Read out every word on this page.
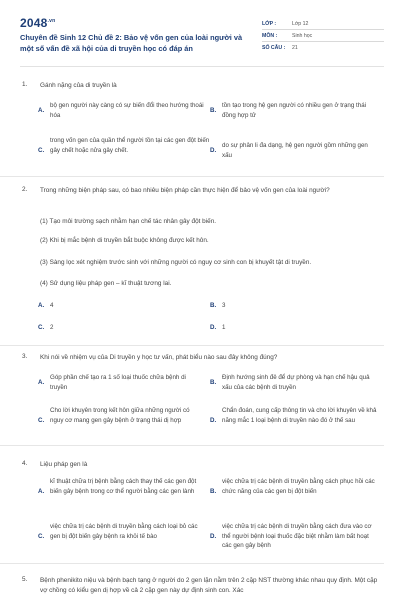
$2048^{.vn}$
Chuyên đề Sinh 12 Chủ đề 2: Bảo vệ vốn gen của loài người và một số vấn đề xã hội của di truyền học có đáp án
LỚP :	Lớp 12
MÔN :	Sinh học
SỐ CÂU :	21
1. Gánh nặng của di truyền là
A.
bộ gen người này càng có sự biến đổi theo hướng thoái hóa
B.
tồn tạo trong hệ gen người có nhiều gen ở trạng thái đồng hợp tử
C.
trong vốn gen của quần thể người tồn tại các gen đột biến gây chết hoặc nửa gây chết.	D.
do sự phân li đa dạng, hệ gen người gồm những gen xấu
2. Trong những biện pháp sau, có bao nhiêu biện pháp cần thực hiện để bảo vệ vốn gen của loài người?
(1) Tạo môi trường sạch nhằm hạn chế tác nhân gây đột biến.
(2) Khi bị mắc bệnh di truyền bắt buộc không được kết hôn.
(3) Sàng lọc xét nghiệm trước sinh với những người có nguy cơ sinh con bị khuyết tật di truyền.
(4) Sử dụng liệu pháp gen – kĩ thuật tương lai.
A. 4	B. 3
C. 2	D. 1
3. Khi nói về nhiệm vụ của Di truyền y học tư vấn, phát biểu nào sau đây không đúng?
A.
Góp phần chế tạo ra 1 số loại thuốc chữa bệnh di truyền
B.
Định hướng sinh đẻ để dự phòng và hạn chế hậu quả xấu của các bệnh di truyền
C.
Cho lời khuyên trong kết hôn giữa những người có nguy cơ mang gen gây bệnh ở trạng thái dị hợp	D.
Chẩn đoán, cung cấp thông tin và cho lời khuyên về khả năng mắc 1 loại bệnh di truyền nào đó ở thế sau
4. Liệu pháp gen là
A.
kĩ thuật chữa trị bệnh bằng cách thay thế các gen đột biến gây bệnh trong cơ thể người bằng các gen lành	B.
việc chữa trị các bệnh di truyền bằng cách phục hồi các chức năng của các gen bị đột biến
C.
việc chữa trị các bệnh di truyền bằng cách loại bỏ các gen bị đột biến gây bệnh ra khỏi tế bào	D.
việc chữa trị các bệnh di truyền bằng cách đưa vào cơ thể người bệnh loại thuốc đặc biệt nhằm làm bất hoạt các gen gây bệnh
5. Bệnh phenikito niệu và bệnh bạch tạng ở người do 2 gen lặn nằm trên 2 cặp NST thường khác nhau quy định. Một cặp vợ chồng có kiểu gen dị hợp về cả 2 cặp gen này dự định sinh con. Xác
